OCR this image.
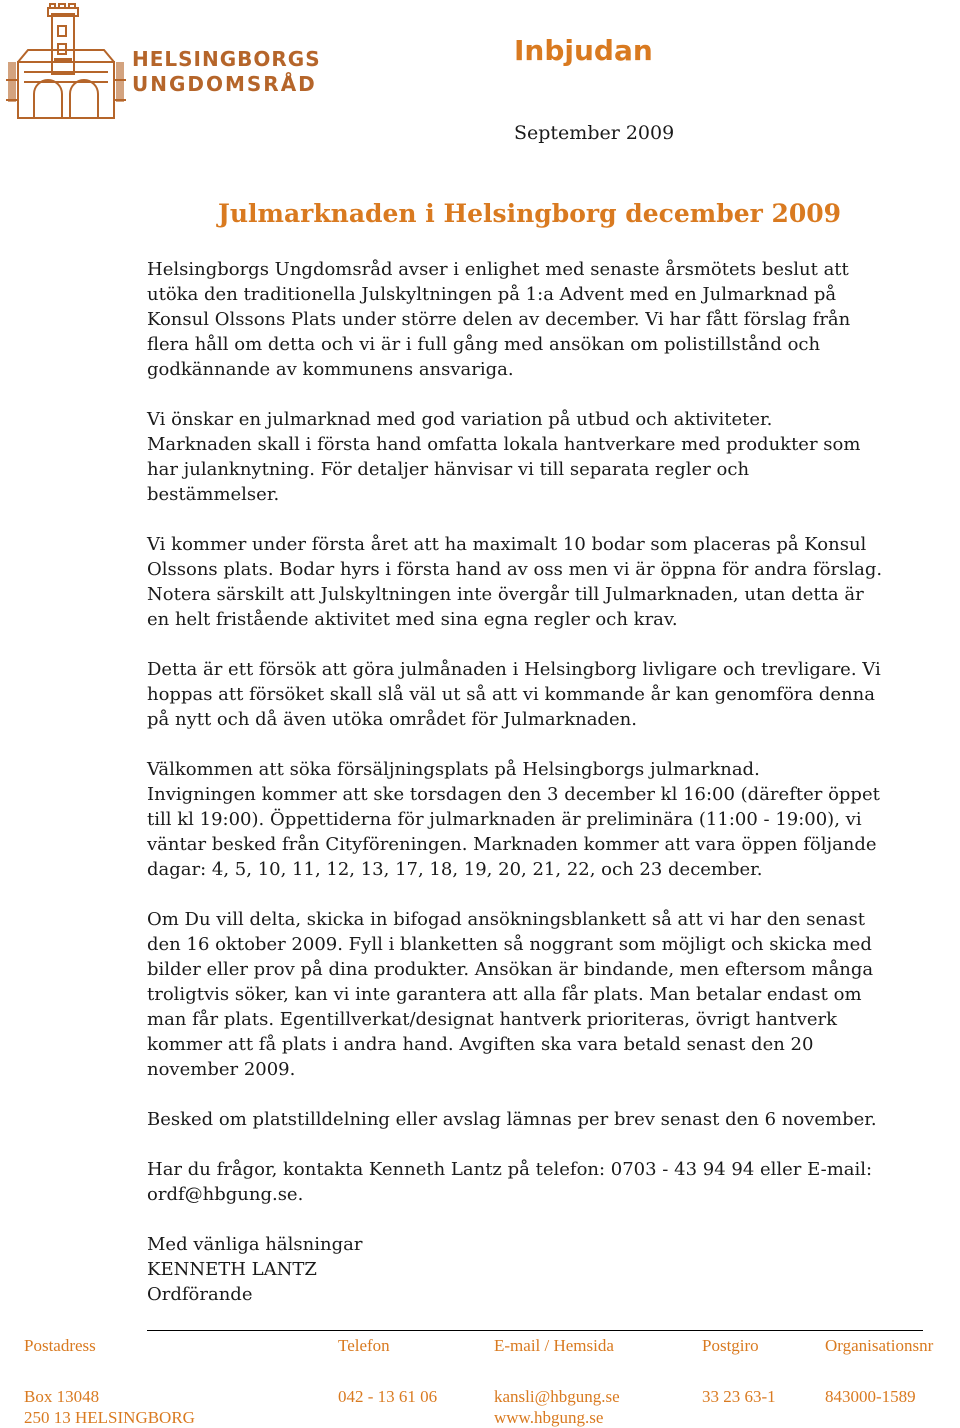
HELSINGBORGS
UNGDOMSRÅD
Inbjudan
September 2009
Julmarknaden i Helsingborg december 2009

Helsingborgs Ungdomsråd avser i enlighet med senaste årsmötets beslut att
utöka den traditionella Julskyltningen på 1:a Advent med en Julmarknad på
Konsul Olssons Plats under större delen av december. Vi har fått förslag från
flera håll om detta och vi är i full gång med ansökan om polistillstånd och
godkännande av kommunens ansvariga.

Vi önskar en julmarknad med god variation på utbud och aktiviteter.
Marknaden skall i första hand omfatta lokala hantverkare med produkter som
har julanknytning. För detaljer hänvisar vi till separata regler och
bestämmelser.

Vi kommer under första året att ha maximalt 10 bodar som placeras på Konsul
Olssons plats. Bodar hyrs i första hand av oss men vi är öppna för andra förslag.
Notera särskilt att Julskyltningen inte övergår till Julmarknaden, utan detta är
en helt fristående aktivitet med sina egna regler och krav.

Detta är ett försök att göra julmånaden i Helsingborg livligare och trevligare. Vi
hoppas att försöket skall slå väl ut så att vi kommande år kan genomföra denna
på nytt och då även utöka området för Julmarknaden.

Välkommen att söka försäljningsplats på Helsingborgs julmarknad.
Invigningen kommer att ske torsdagen den 3 december kl 16:00 (därefter öppet
till kl 19:00). Öppettiderna för julmarknaden är preliminära (11:00 - 19:00), vi
väntar besked från Cityföreningen. Marknaden kommer att vara öppen följande
dagar: 4, 5, 10, 11, 12, 13, 17, 18, 19, 20, 21, 22, och 23 december.

Om Du vill delta, skicka in bifogad ansökningsblankett så att vi har den senast
den 16 oktober 2009. Fyll i blanketten så noggrant som möjligt och skicka med
bilder eller prov på dina produkter. Ansökan är bindande, men eftersom många
troligtvis söker, kan vi inte garantera att alla får plats. Man betalar endast om
man får plats. Egentillverkat/designat hantverk prioriteras, övrigt hantverk
kommer att få plats i andra hand. Avgiften ska vara betald senast den 20
november 2009.

Besked om platstilldelning eller avslag lämnas per brev senast den 6 november.

Har du frågor, kontakta Kenneth Lantz på telefon: 0703 - 43 94 94 eller E-mail:
ordf@hbgung.se.

Med vänliga hälsningar
KENNETH LANTZ
Ordförande

Postadress
Box 13048
250 13 HELSINGBORG
Telefon
042 - 13 61 06
E-mail / Hemsida
kansli@hbgung.se
www.hbgung.se
Postgiro
33 23 63-1
Organisationsnr
843000-1589
